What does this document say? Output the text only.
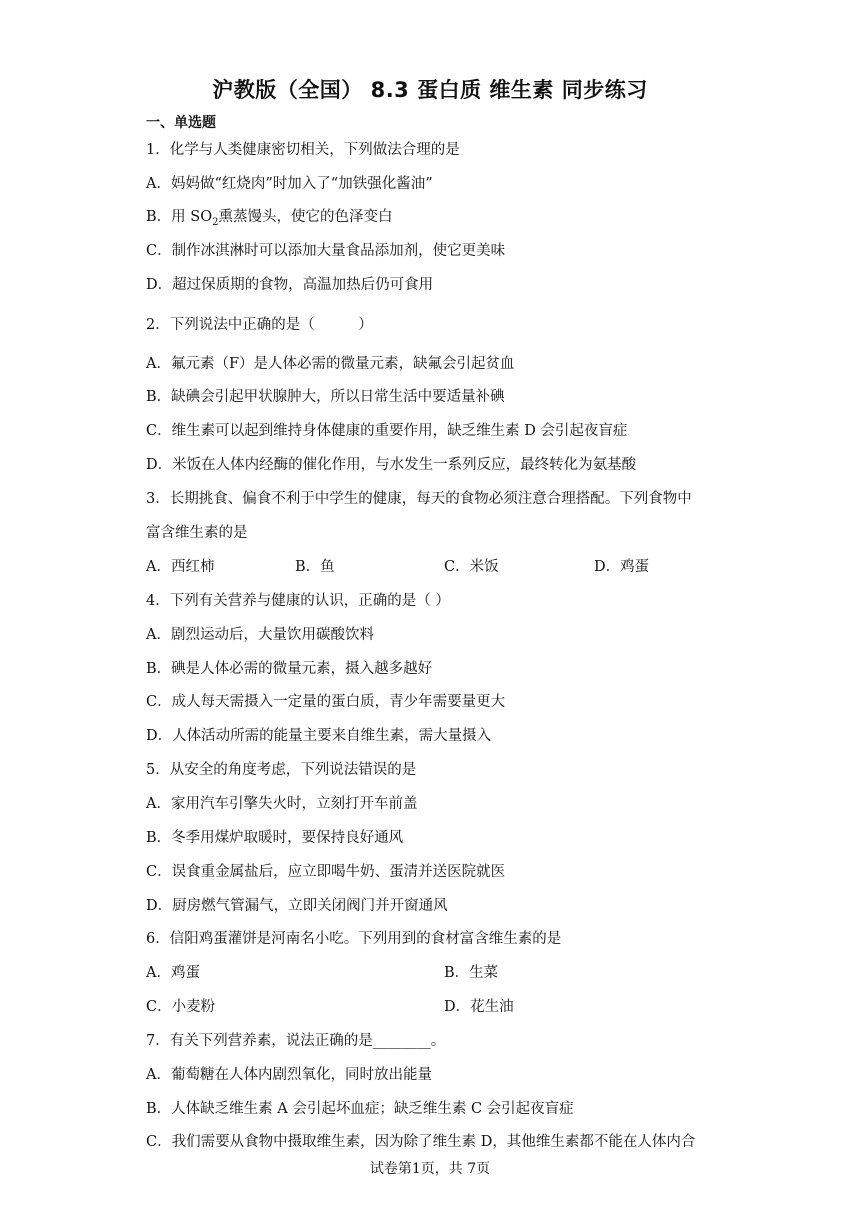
沪教版（全国） 8.3 蛋白质 维生素 同步练习
一、单选题
1．化学与人类健康密切相关，下列做法合理的是
A．妈妈做“红烧肉”时加入了“加铁强化酱油”
B．用 $SO_2$熏蒸馒头，使它的色泽变白
C．制作冰淇淋时可以添加大量食品添加剂，使它更美味
D．超过保质期的食物，高温加热后仍可食用
2．下列说法中正确的是（　　　）
A．氟元素（F）是人体必需的微量元素，缺氟会引起贫血
B．缺碘会引起甲状腺肿大，所以日常生活中要适量补碘
C．维生素可以起到维持身体健康的重要作用，缺乏维生素 D 会引起夜盲症
D．米饭在人体内经酶的催化作用，与水发生一系列反应，最终转化为氨基酸
3．长期挑食、偏食不利于中学生的健康，每天的食物必须注意合理搭配。下列食物中
富含维生素的是
A．西红柿	B．鱼	C．米饭	D．鸡蛋
4．下列有关营养与健康的认识，正确的是（ ）
A．剧烈运动后，大量饮用碳酸饮料
B．碘是人体必需的微量元素，摄入越多越好
C．成人每天需摄入一定量的蛋白质，青少年需要量更大
D．人体活动所需的能量主要来自维生素，需大量摄入
5．从安全的角度考虑，下列说法错误的是
A．家用汽车引擎失火时，立刻打开车前盖
B．冬季用煤炉取暖时，要保持良好通风
C．误食重金属盐后，应立即喝牛奶、蛋清并送医院就医
D．厨房燃气管漏气，立即关闭阀门并开窗通风
6．信阳鸡蛋灌饼是河南名小吃。下列用到的食材富含维生素的是
A．鸡蛋	B．生菜
C．小麦粉	D．花生油
7．有关下列营养素，说法正确的是________。
A．葡萄糖在人体内剧烈氧化，同时放出能量
B．人体缺乏维生素 A 会引起坏血症；缺乏维生素 C 会引起夜盲症
C．我们需要从食物中摄取维生素，因为除了维生素 D，其他维生素都不能在人体内合
试卷第1页，共 7页
